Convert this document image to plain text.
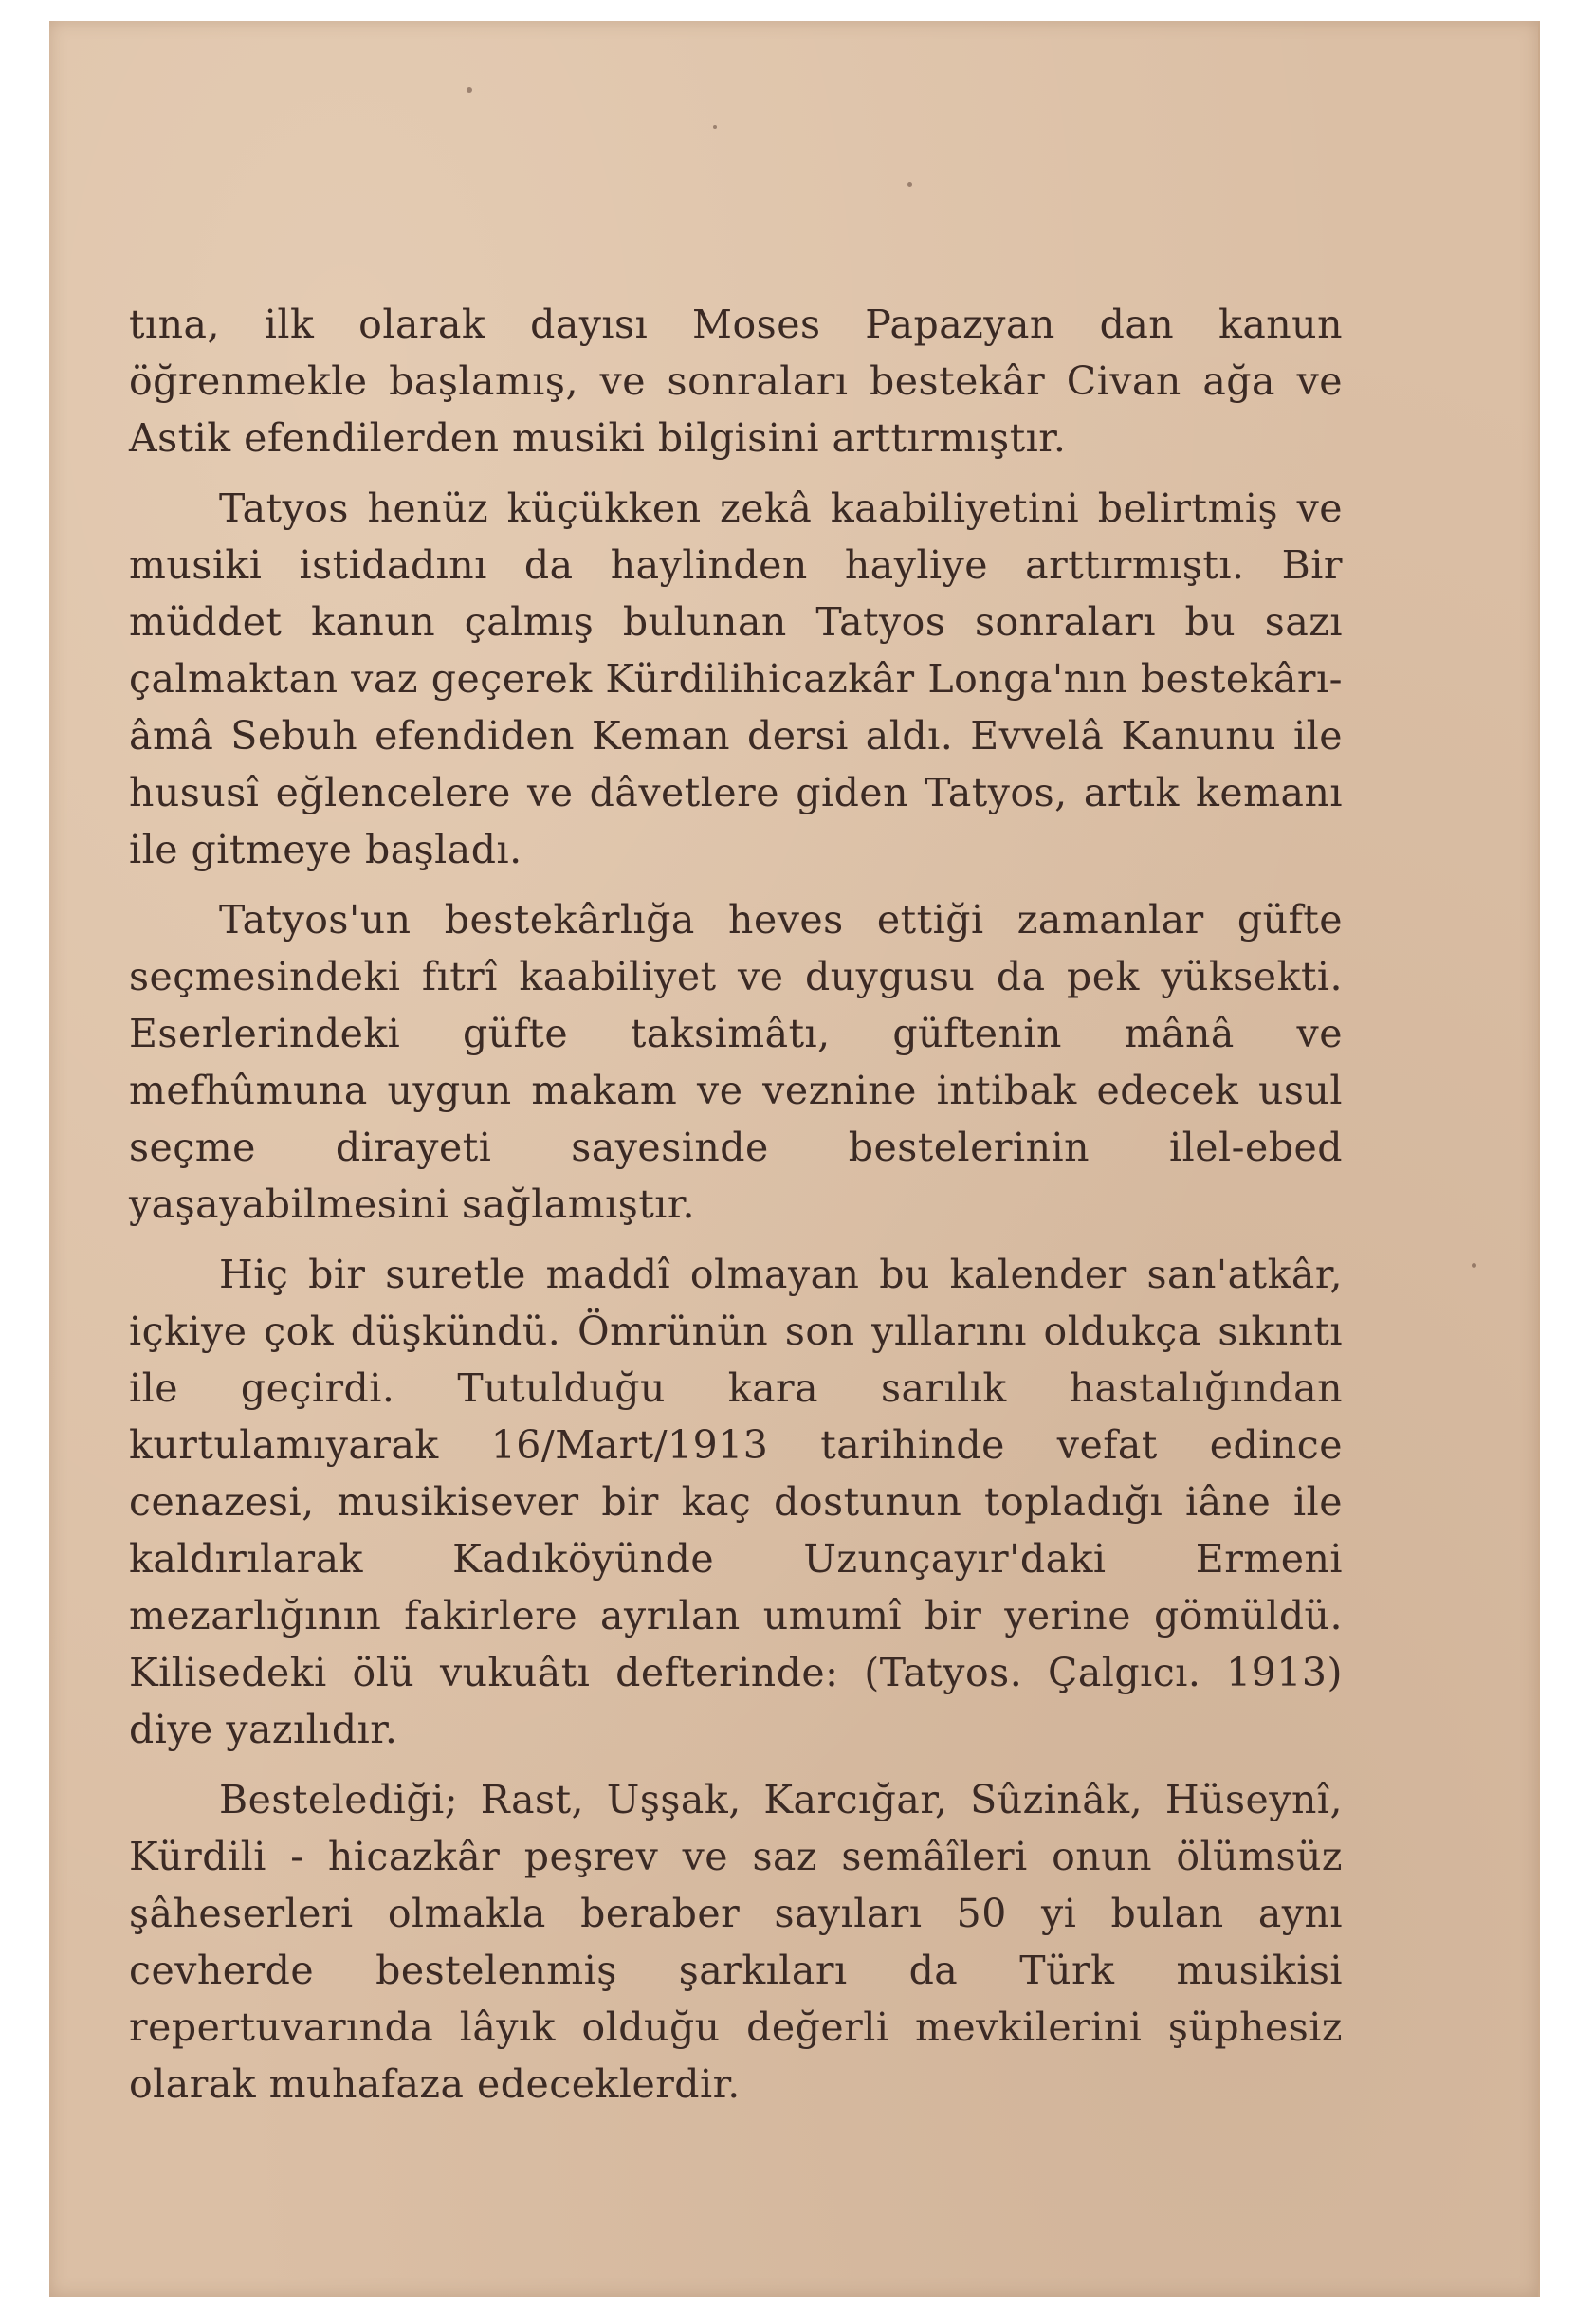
tına, ilk olarak dayısı Moses Papazyan dan kanun öğrenmekle başlamış, ve sonraları bestekâr Civan ağa ve Astik efendilerden musiki bilgisini arttırmıştır.

Tatyos henüz küçükken zekâ kaabiliyetini belirtmiş ve musiki istidadını da haylinden hayliye arttırmıştı. Bir müddet kanun çalmış bulunan Tatyos sonraları bu sazı çalmaktan vaz geçerek Kürdilihicazkâr Longa'nın bestekârı-âmâ Sebuh efendiden Keman dersi aldı. Evvelâ Kanunu ile hususî eğlencelere ve dâvetlere giden Tatyos, artık kemanı ile gitmeye başladı.

Tatyos'un bestekârlığa heves ettiği zamanlar güfte seçmesindeki fıtrî kaabiliyet ve duygusu da pek yüksekti. Eserlerindeki güfte taksimâtı, güftenin mânâ ve mefhûmuna uygun makam ve veznine intibak edecek usul seçme dirayeti sayesinde bestelerinin ilel-ebed yaşayabilmesini sağlamıştır.

Hiç bir suretle maddî olmayan bu kalender san'atkâr, içkiye çok düşkündü. Ömrünün son yıllarını oldukça sıkıntı ile geçirdi. Tutulduğu kara sarılık hastalığından kurtulamıyarak 16/Mart/1913 tarihinde vefat edince cenazesi, musikisever bir kaç dostunun topladığı iâne ile kaldırılarak Kadıköyünde Uzunçayır'daki Ermeni mezarlığının fakirlere ayrılan umumî bir yerine gömüldü. Kilisedeki ölü vukuâtı defterinde: (Tatyos. Çalgıcı. 1913) diye yazılıdır.

Bestelediği; Rast, Uşşak, Karcığar, Sûzinâk, Hüseynî, Kürdili - hicazkâr peşrev ve saz semâîleri onun ölümsüz şâheserleri olmakla beraber sayıları 50 yi bulan aynı cevherde bestelenmiş şarkıları da Türk musikisi repertuvarında lâyık olduğu değerli mevkilerini şüphesiz olarak muhafaza edeceklerdir.
